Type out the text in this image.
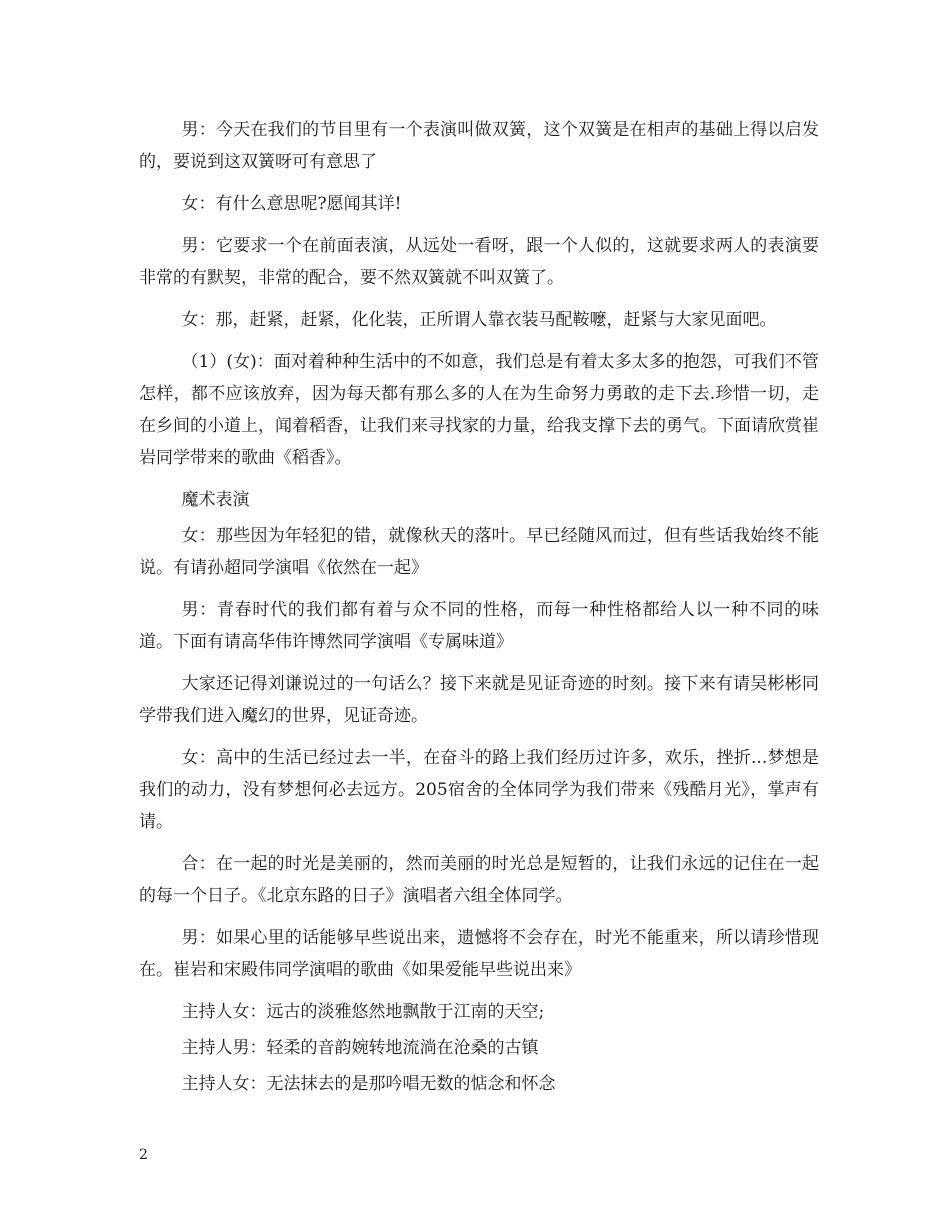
男：今天在我们的节目里有一个表演叫做双簧，这个双簧是在相声的基础上得以启发的，要说到这双簧呀可有意思了

女：有什么意思呢?愿闻其详!

男：它要求一个在前面表演，从远处一看呀，跟一个人似的，这就要求两人的表演要非常的有默契，非常的配合，要不然双簧就不叫双簧了。

女：那，赶紧，赶紧，化化装，正所谓人靠衣装马配鞍嚒，赶紧与大家见面吧。

（1）(女)：面对着种种生活中的不如意，我们总是有着太多太多的抱怨，可我们不管怎样，都不应该放弃，因为每天都有那么多的人在为生命努力勇敢的走下去.珍惜一切，走在乡间的小道上，闻着稻香，让我们来寻找家的力量，给我支撑下去的勇气。下面请欣赏崔岩同学带来的歌曲《稻香》。

魔术表演

女：那些因为年轻犯的错，就像秋天的落叶。早已经随风而过，但有些话我始终不能说。有请孙超同学演唱《依然在一起》

男：青春时代的我们都有着与众不同的性格，而每一种性格都给人以一种不同的味道。下面有请高华伟许博然同学演唱《专属味道》

大家还记得刘谦说过的一句话么？接下来就是见证奇迹的时刻。接下来有请吴彬彬同学带我们进入魔幻的世界，见证奇迹。

女：高中的生活已经过去一半，在奋斗的路上我们经历过许多，欢乐，挫折...梦想是我们的动力，没有梦想何必去远方。205宿舍的全体同学为我们带来《残酷月光》，掌声有请。

合：在一起的时光是美丽的，然而美丽的时光总是短暂的，让我们永远的记住在一起的每一个日子。《北京东路的日子》演唱者六组全体同学。

男：如果心里的话能够早些说出来，遗憾将不会存在，时光不能重来，所以请珍惜现在。崔岩和宋殿伟同学演唱的歌曲《如果爱能早些说出来》

主持人女：远古的淡雅悠然地飘散于江南的天空;

主持人男：轻柔的音韵婉转地流淌在沧桑的古镇

主持人女：无法抹去的是那吟唱无数的惦念和怀念

2
